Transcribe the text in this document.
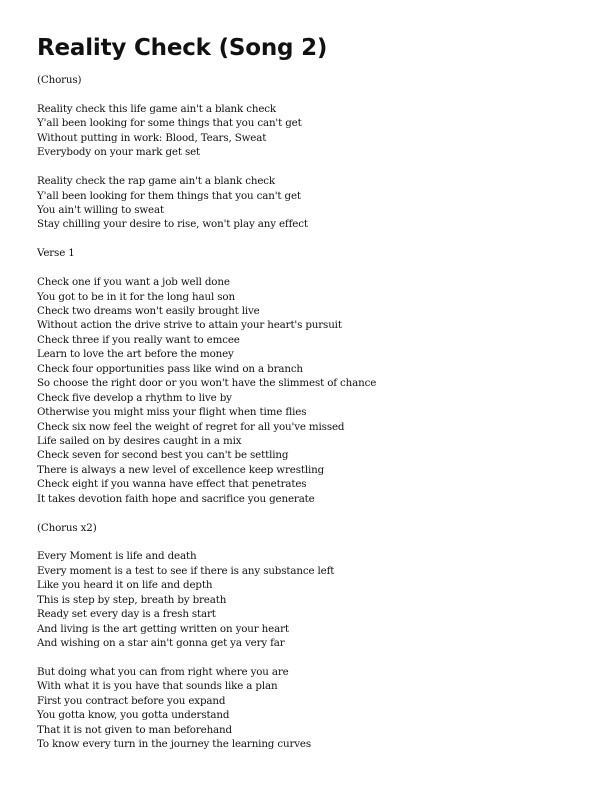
Reality Check (Song 2)
(Chorus)
Reality check this life game ain't a blank check
Y'all been looking for some things that you can't get
Without putting in work: Blood, Tears, Sweat
Everybody on your mark get set
Reality check the rap game ain't a blank check
Y'all been looking for them things that you can't get
You ain't willing to sweat
Stay chilling your desire to rise, won't play any effect
Verse 1
Check one if you want a job well done
You got to be in it for the long haul son
Check two dreams won't easily brought live
Without action the drive strive to attain your heart's pursuit
Check three if you really want to emcee
Learn to love the art before the money
Check four opportunities pass like wind on a branch
So choose the right door or you won't have the slimmest of chance
Check five develop a rhythm to live by
Otherwise you might miss your flight when time flies
Check six now feel the weight of regret for all you've missed
Life sailed on by desires caught in a mix
Check seven for second best you can't be settling
There is always a new level of excellence keep wrestling
Check eight if you wanna have effect that penetrates
It takes devotion faith hope and sacrifice you generate
(Chorus x2)
Every Moment is life and death
Every moment is a test to see if there is any substance left
Like you heard it on life and depth
This is step by step, breath by breath
Ready set every day is a fresh start
And living is the art getting written on your heart
And wishing on a star ain't gonna get ya very far
But doing what you can from right where you are
With what it is you have that sounds like a plan
First you contract before you expand
You gotta know, you gotta understand
That it is not given to man beforehand
To know every turn in the journey the learning curves
